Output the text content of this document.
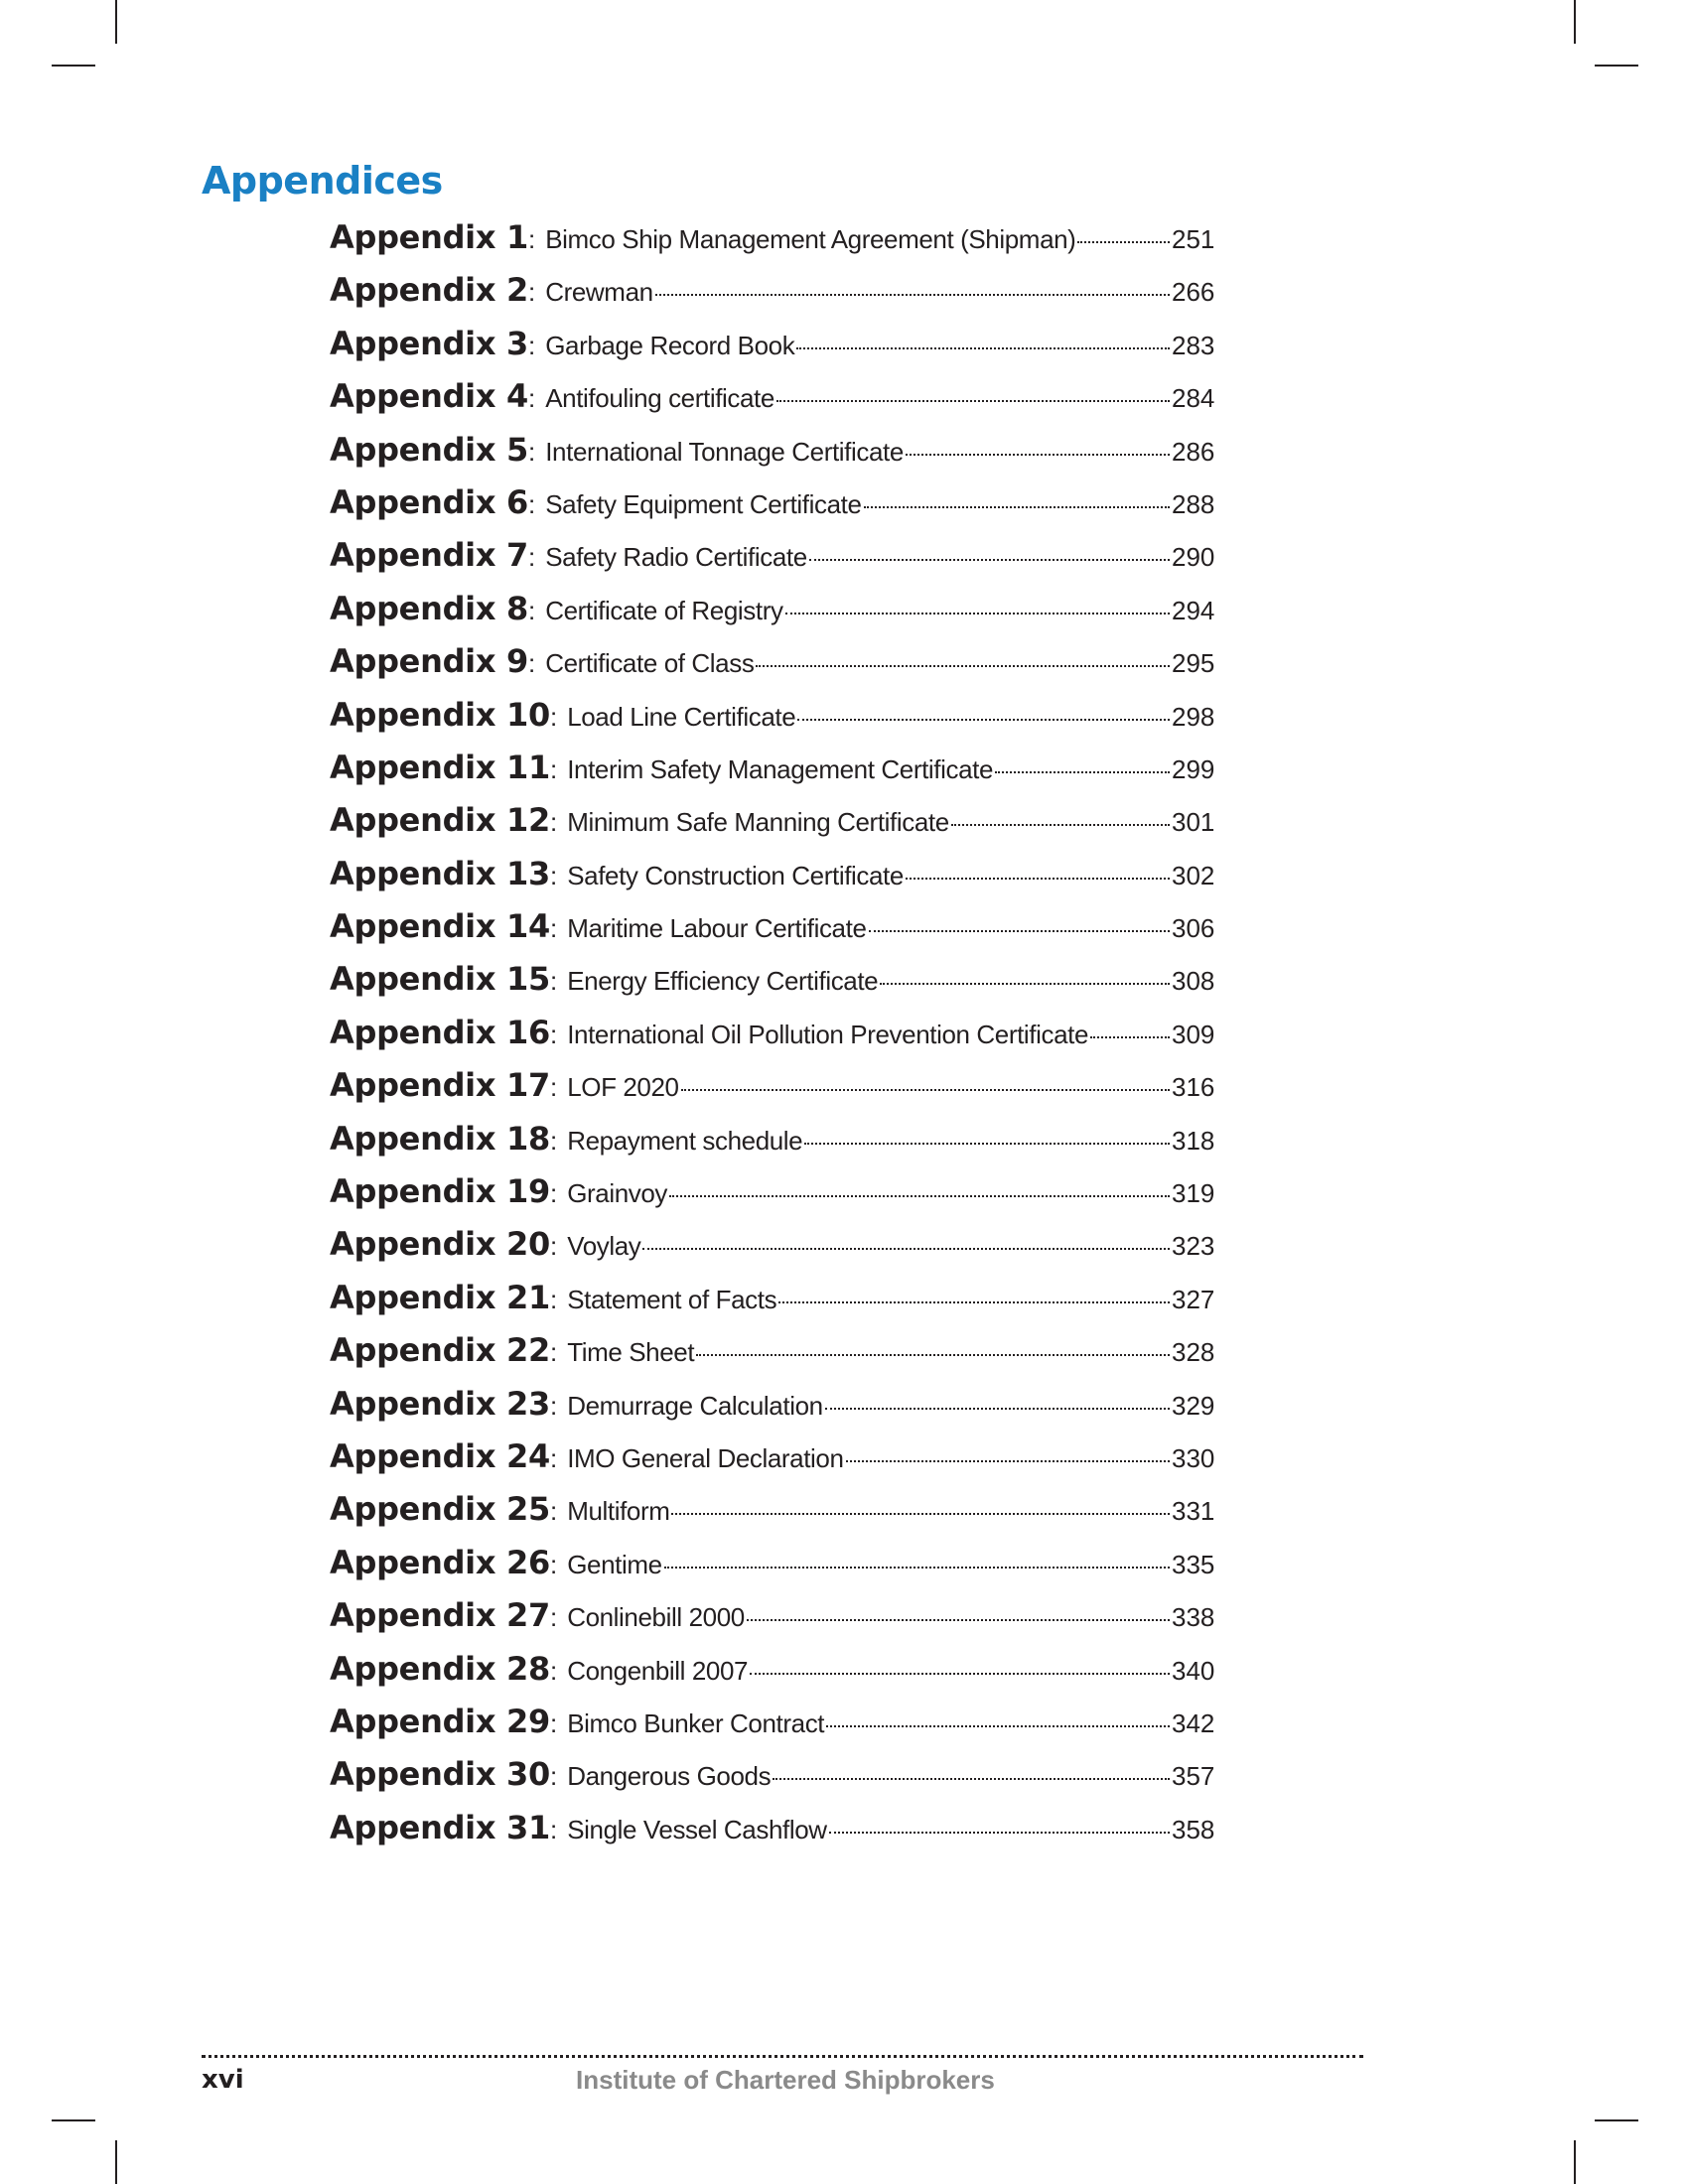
Appendices
Appendix 1 : Bimco Ship Management Agreement (Shipman)	251
Appendix 2 : Crewman	266
Appendix 3 : Garbage Record Book	283
Appendix 4 : Antifouling certificate	284
Appendix 5 : International Tonnage Certificate	286
Appendix 6 : Safety Equipment Certificate	288
Appendix 7 : Safety Radio Certificate	290
Appendix 8 : Certificate of Registry	294
Appendix 9 : Certificate of Class	295
Appendix 10 : Load Line Certificate	298
Appendix 11 : Interim Safety Management Certificate	299
Appendix 12 : Minimum Safe Manning Certificate	301
Appendix 13 : Safety Construction Certificate	302
Appendix 14 : Maritime Labour Certificate	306
Appendix 15 : Energy Efficiency Certificate	308
Appendix 16 : International Oil Pollution Prevention Certificate	309
Appendix 17 : LOF 2020	316
Appendix 18 : Repayment schedule	318
Appendix 19 : Grainvoy	319
Appendix 20 : Voylay	323
Appendix 21 : Statement of Facts	327
Appendix 22 : Time Sheet	328
Appendix 23 : Demurrage Calculation	329
Appendix 24 : IMO General Declaration	330
Appendix 25 : Multiform	331
Appendix 26 : Gentime	335
Appendix 27 : Conlinebill 2000	338
Appendix 28 : Congenbill 2007	340
Appendix 29 : Bimco Bunker Contract	342
Appendix 30 : Dangerous Goods	357
Appendix 31 : Single Vessel Cashflow	358
xvi	Institute of Chartered Shipbrokers
